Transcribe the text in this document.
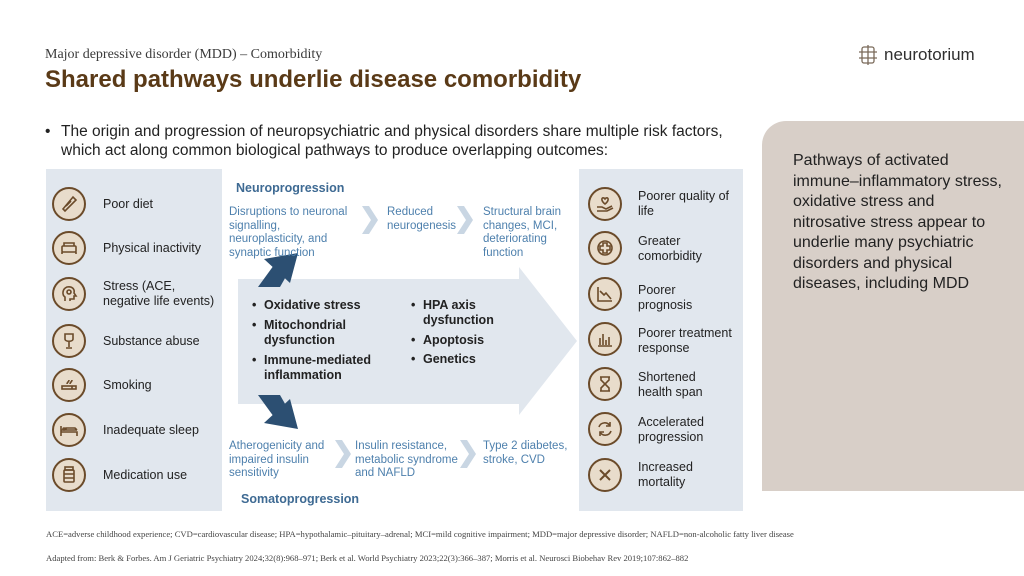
Major depressive disorder (MDD) – Comorbidity
Shared pathways underlie disease comorbidity
neurotorium
• The origin and progression of neuropsychiatric and physical disorders share multiple risk factors, which act along common biological pathways to produce overlapping outcomes:
Pathways of activated immune–inflammatory stress, oxidative stress and nitrosative stress appear to underlie many psychiatric disorders and physical diseases, including MDD
Poor diet
Physical inactivity
Stress (ACE, negative life events)
Substance abuse
Smoking
Inadequate sleep
Medication use
Neuroprogression
Disruptions to neuronal signalling, neuroplasticity, and synaptic function
Reduced neurogenesis
Structural brain changes, MCI, deteriorating function
• Oxidative stress
• Mitochondrial dysfunction
• Immune-mediated inflammation
• HPA axis dysfunction
• Apoptosis
• Genetics
Atherogenicity and impaired insulin sensitivity
Insulin resistance, metabolic syndrome and NAFLD
Type 2 diabetes, stroke, CVD
Somatoprogression
Poorer quality of life
Greater comorbidity
Poorer prognosis
Poorer treatment response
Shortened health span
Accelerated progression
Increased mortality
ACE=adverse childhood experience; CVD=cardiovascular disease; HPA=hypothalamic–pituitary–adrenal; MCI=mild cognitive impairment; MDD=major depressive disorder; NAFLD=non-alcoholic fatty liver disease
Adapted from: Berk & Forbes. Am J Geriatric Psychiatry 2024;32(8):968–971; Berk et al. World Psychiatry 2023;22(3):366–387; Morris et al. Neurosci Biobehav Rev 2019;107:862–882
